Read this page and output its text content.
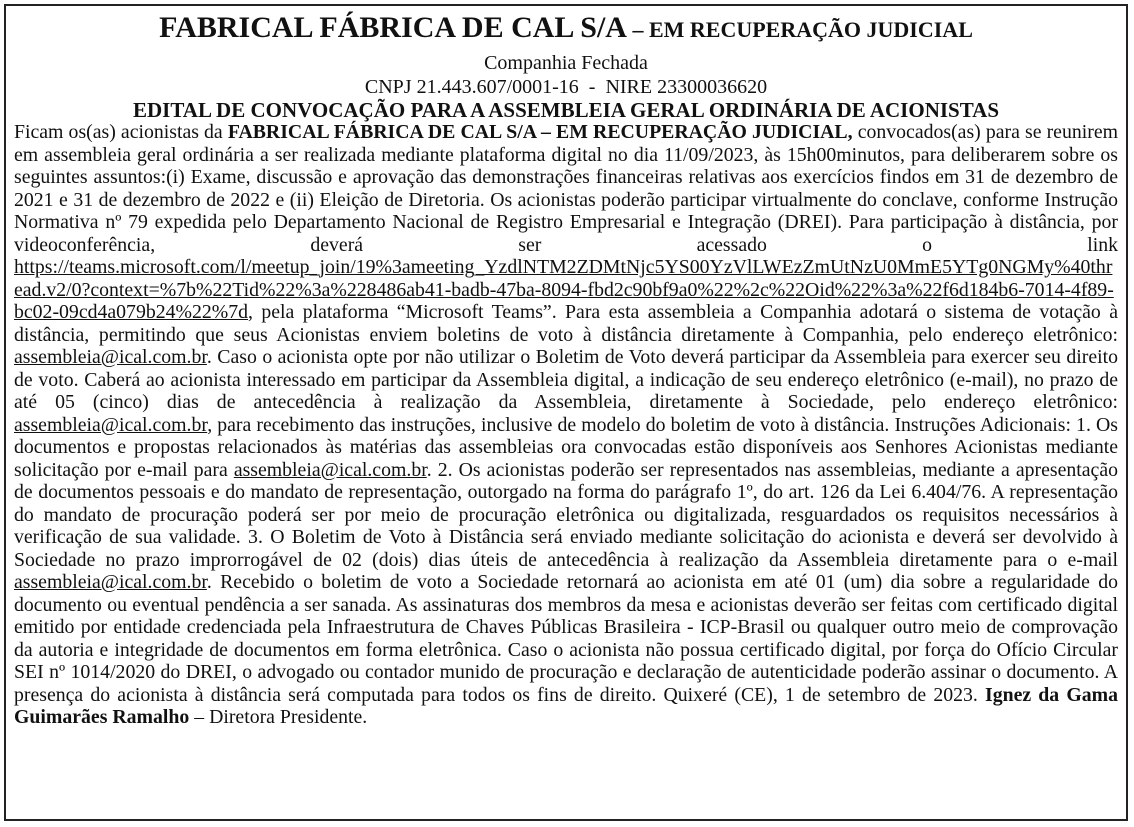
FABRICAL FÁBRICA DE CAL S/A – EM RECUPERAÇÃO JUDICIAL
Companhia Fechada
CNPJ 21.443.607/0001-16  -  NIRE 23300036620
EDITAL DE CONVOCAÇÃO PARA A ASSEMBLEIA GERAL ORDINÁRIA DE ACIONISTAS
Ficam os(as) acionistas da FABRICAL FÁBRICA DE CAL S/A – EM RECUPERAÇÃO JUDICIAL, convocados(as) para se reunirem em assembleia geral ordinária a ser realizada mediante plataforma digital no dia 11/09/2023, às 15h00minutos, para deliberarem sobre os seguintes assuntos:(i) Exame, discussão e aprovação das demonstrações financeiras relativas aos exercícios findos em 31 de dezembro de 2021 e 31 de dezembro de 2022 e (ii) Eleição de Diretoria. Os acionistas poderão participar virtualmente do conclave, conforme Instrução Normativa nº 79 expedida pelo Departamento Nacional de Registro Empresarial e Integração (DREI). Para participação à distância, por videoconferência, deverá ser acessado o link https://teams.microsoft.com/l/meetup_join/19%3ameeting_YzdlNTM2ZDMtNjc5YS00YzVlLWEzZmUtNzU0MmE5YTg0NGMy%40thread.v2/0?context=%7b%22Tid%22%3a%228486ab41-badb-47ba-8094-fbd2c90bf9a0%22%2c%22Oid%22%3a%22f6d184b6-7014-4f89-bc02-09cd4a079b24%22%7d, pela plataforma “Microsoft Teams”. Para esta assembleia a Companhia adotará o sistema de votação à distância, permitindo que seus Acionistas enviem boletins de voto à distância diretamente à Companhia, pelo endereço eletrônico: assembleia@ical.com.br. Caso o acionista opte por não utilizar o Boletim de Voto deverá participar da Assembleia para exercer seu direito de voto. Caberá ao acionista interessado em participar da Assembleia digital, a indicação de seu endereço eletrônico (e-mail), no prazo de até 05 (cinco) dias de antecedência à realização da Assembleia, diretamente à Sociedade, pelo endereço eletrônico: assembleia@ical.com.br, para recebimento das instruções, inclusive de modelo do boletim de voto à distância. Instruções Adicionais: 1. Os documentos e propostas relacionados às matérias das assembleias ora convocadas estão disponíveis aos Senhores Acionistas mediante solicitação por e-mail para assembleia@ical.com.br. 2. Os acionistas poderão ser representados nas assembleias, mediante a apresentação de documentos pessoais e do mandato de representação, outorgado na forma do parágrafo 1º, do art. 126 da Lei 6.404/76. A representação do mandato de procuração poderá ser por meio de procuração eletrônica ou digitalizada, resguardados os requisitos necessários à verificação de sua validade. 3. O Boletim de Voto à Distância será enviado mediante solicitação do acionista e deverá ser devolvido à Sociedade no prazo improrrogável de 02 (dois) dias úteis de antecedência à realização da Assembleia diretamente para o e-mail assembleia@ical.com.br. Recebido o boletim de voto a Sociedade retornará ao acionista em até 01 (um) dia sobre a regularidade do documento ou eventual pendência a ser sanada. As assinaturas dos membros da mesa e acionistas deverão ser feitas com certificado digital emitido por entidade credenciada pela Infraestrutura de Chaves Públicas Brasileira - ICP-Brasil ou qualquer outro meio de comprovação da autoria e integridade de documentos em forma eletrônica. Caso o acionista não possua certificado digital, por força do Ofício Circular SEI nº 1014/2020 do DREI, o advogado ou contador munido de procuração e declaração de autenticidade poderão assinar o documento. A presença do acionista à distância será computada para todos os fins de direito. Quixeré (CE), 1 de setembro de 2023. Ignez da Gama Guimarães Ramalho – Diretora Presidente.
